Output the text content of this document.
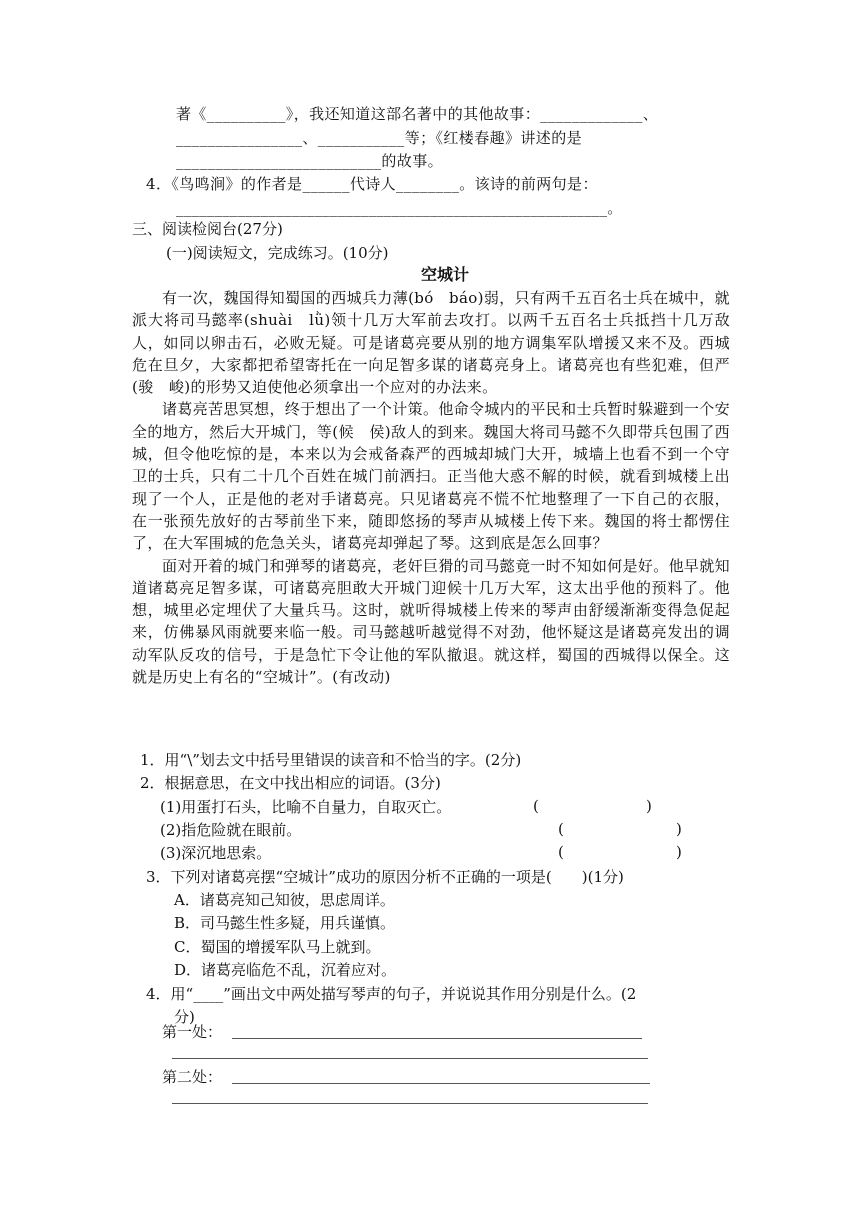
著《__________》，我还知道这部名著中的其他故事：_____________、
________________、___________等；《红楼春趣》讲述的是
__________________________的故事。
4．《鸟鸣涧》的作者是______代诗人________。该诗的前两句是：
________________________________________________________。
三、阅读检阅台(27分)
(一)阅读短文，完成练习。(10分)
空城计

有一次，魏国得知蜀国的西城兵力薄(bó　báo)弱，只有两千五百名士兵在城中，就派大将司马懿率(shuài　lǜ)领十几万大军前去攻打。以两千五百名士兵抵挡十几万敌人，如同以卵击石，必败无疑。可是诸葛亮要从别的地方调集军队增援又来不及。西城危在旦夕，大家都把希望寄托在一向足智多谋的诸葛亮身上。诸葛亮也有些犯难，但严(骏　峻)的形势又迫使他必须拿出一个应对的办法来。

诸葛亮苦思冥想，终于想出了一个计策。他命令城内的平民和士兵暂时躲避到一个安全的地方，然后大开城门，等(候　侯)敌人的到来。魏国大将司马懿不久即带兵包围了西城，但令他吃惊的是，本来以为会戒备森严的西城却城门大开，城墙上也看不到一个守卫的士兵，只有二十几个百姓在城门前洒扫。正当他大惑不解的时候，就看到城楼上出现了一个人，正是他的老对手诸葛亮。只见诸葛亮不慌不忙地整理了一下自己的衣服，在一张预先放好的古琴前坐下来，随即悠扬的琴声从城楼上传下来。魏国的将士都愣住了，在大军围城的危急关头，诸葛亮却弹起了琴。这到底是怎么回事？

面对开着的城门和弹琴的诸葛亮，老奸巨猾的司马懿竟一时不知如何是好。他早就知道诸葛亮足智多谋，可诸葛亮胆敢大开城门迎候十几万大军，这太出乎他的预料了。他想，城里必定埋伏了大量兵马。这时，就听得城楼上传来的琴声由舒缓渐渐变得急促起来，仿佛暴风雨就要来临一般。司马懿越听越觉得不对劲，他怀疑这是诸葛亮发出的调动军队反攻的信号，于是急忙下令让他的军队撤退。就这样，蜀国的西城得以保全。这就是历史上有名的“空城计”。(有改动)

1．用“\”划去文中括号里错误的读音和不恰当的字。(2分)
2．根据意思，在文中找出相应的词语。(3分)
(1)用蛋打石头，比喻不自量力，自取灭亡。	(	)
(2)指危险就在眼前。	(	)
(3)深沉地思索。	(	)
3．下列对诸葛亮摆“空城计”成功的原因分析不正确的一项是(　　)(1分)
A．诸葛亮知己知彼，思虑周详。
B．司马懿生性多疑，用兵谨慎。
C．蜀国的增援军队马上就到。
D．诸葛亮临危不乱，沉着应对。
4．用“____”画出文中两处描写琴声的句子，并说说其作用分别是什么。(2
分)
第一处：
第二处：
